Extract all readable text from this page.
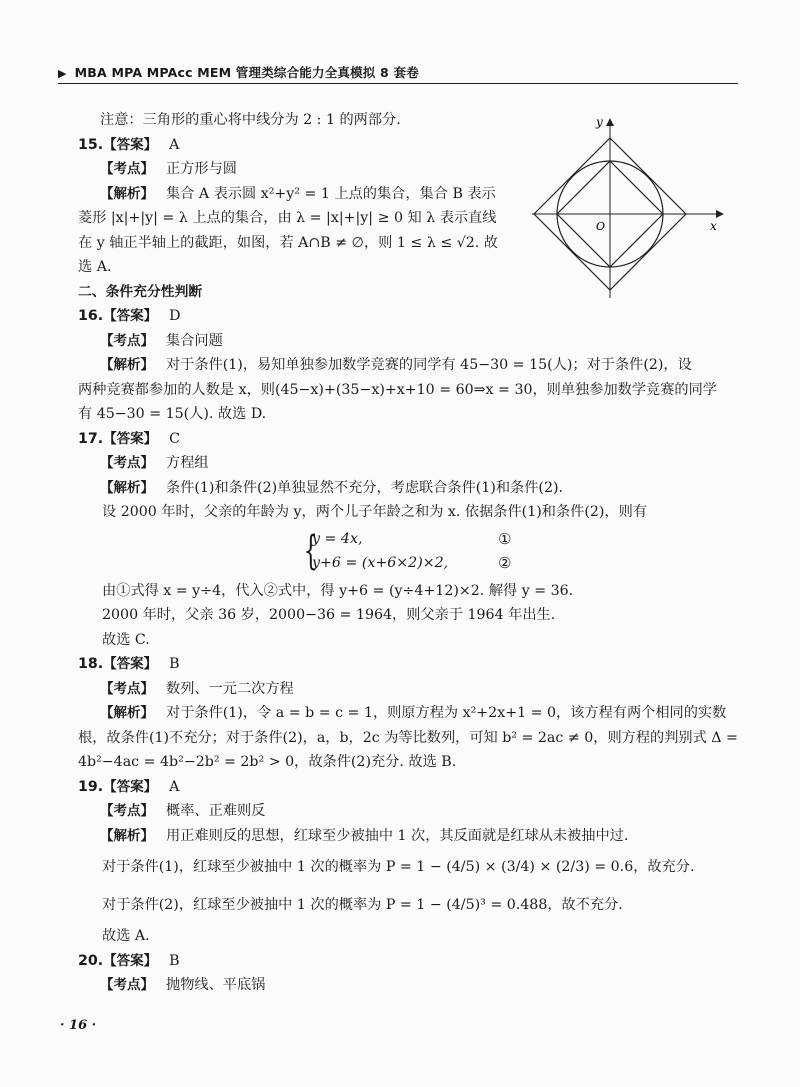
▶ MBA MPA MPAcc MEM 管理类综合能力全真模拟 8 套卷
y
x
O
注意：三角形的重心将中线分为 2 : 1 的两部分.
15.【答案】 A
【考点】 正方形与圆
【解析】 集合 A 表示圆 x²+y² = 1 上点的集合，集合 B 表示
菱形 |x|+|y| = λ 上点的集合，由 λ = |x|+|y| ≥ 0 知 λ 表示直线
在 y 轴正半轴上的截距，如图，若 A∩B ≠ ∅，则 1 ≤ λ ≤ √2. 故
选 A.
二、条件充分性判断
16.【答案】 D
【考点】 集合问题
【解析】 对于条件(1)，易知单独参加数学竞赛的同学有 45−30 = 15(人)；对于条件(2)，设
两种竞赛都参加的人数是 x，则(45−x)+(35−x)+x+10 = 60⇒x = 30，则单独参加数学竞赛的同学
有 45−30 = 15(人). 故选 D.
17.【答案】 C
【考点】 方程组
【解析】 条件(1)和条件(2)单独显然不充分，考虑联合条件(1)和条件(2).
设 2000 年时，父亲的年龄为 y，两个儿子年龄之和为 x. 依据条件(1)和条件(2)，则有
{
y = 4x,
y+6 = (x+6×2)×2,
①
②
由①式得 x = y÷4，代入②式中，得 y+6 = (y÷4+12)×2. 解得 y = 36.
2000 年时，父亲 36 岁，2000−36 = 1964，则父亲于 1964 年出生.
故选 C.
18.【答案】 B
【考点】 数列、一元二次方程
【解析】 对于条件(1)，令 a = b = c = 1，则原方程为 x²+2x+1 = 0，该方程有两个相同的实数
根，故条件(1)不充分；对于条件(2)，a，b，2c 为等比数列，可知 b² = 2ac ≠ 0，则方程的判别式 Δ =
4b²−4ac = 4b²−2b² = 2b² > 0，故条件(2)充分. 故选 B.
19.【答案】 A
【考点】 概率、正难则反
【解析】 用正难则反的思想，红球至少被抽中 1 次，其反面就是红球从未被抽中过.
对于条件(1)，红球至少被抽中 1 次的概率为 P = 1 − (4/5) × (3/4) × (2/3) = 0.6，故充分.
对于条件(2)，红球至少被抽中 1 次的概率为 P = 1 − (4/5)³ = 0.488，故不充分.
故选 A.
20.【答案】 B
【考点】 抛物线、平底锅
· 16 ·
